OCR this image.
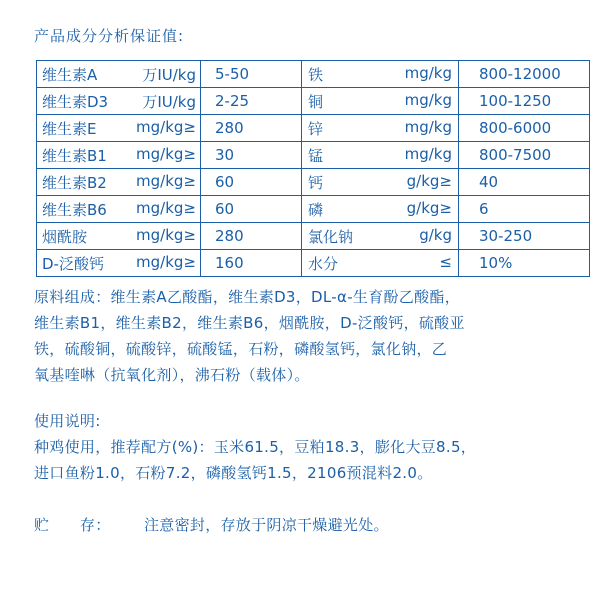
产品成分分析保证值:
维生素A 万IU/kg	5-50	铁 mg/kg	800-12000
维生素D3 万IU/kg	2-25	铜 mg/kg	100-1250
维生素E mg/kg≥	280	锌 mg/kg	800-6000
维生素B1 mg/kg≥	30	锰 mg/kg	800-7500
维生素B2 mg/kg≥	60	钙 g/kg≥	40
维生素B6 mg/kg≥	60	磷 g/kg≥	6
烟酰胺 mg/kg≥	280	氯化钠 g/kg	30-250
D-泛酸钙 mg/kg≥	160	水分 ≤	10%
原料组成：维生素A乙酸酯，维生素D3，DL-α-生育酚乙酸酯，
维生素B1，维生素B2，维生素B6，烟酰胺，D-泛酸钙，硫酸亚
铁，硫酸铜，硫酸锌，硫酸锰，石粉，磷酸氢钙，氯化钠，乙
氧基喹啉（抗氧化剂），沸石粉（载体）。
使用说明:
种鸡使用，推荐配方(%)：玉米61.5，豆粕18.3，膨化大豆8.5，
进口鱼粉1.0，石粉7.2，磷酸氢钙1.5，2106预混料2.0。
贮　　存： 注意密封，存放于阴凉干燥避光处。
